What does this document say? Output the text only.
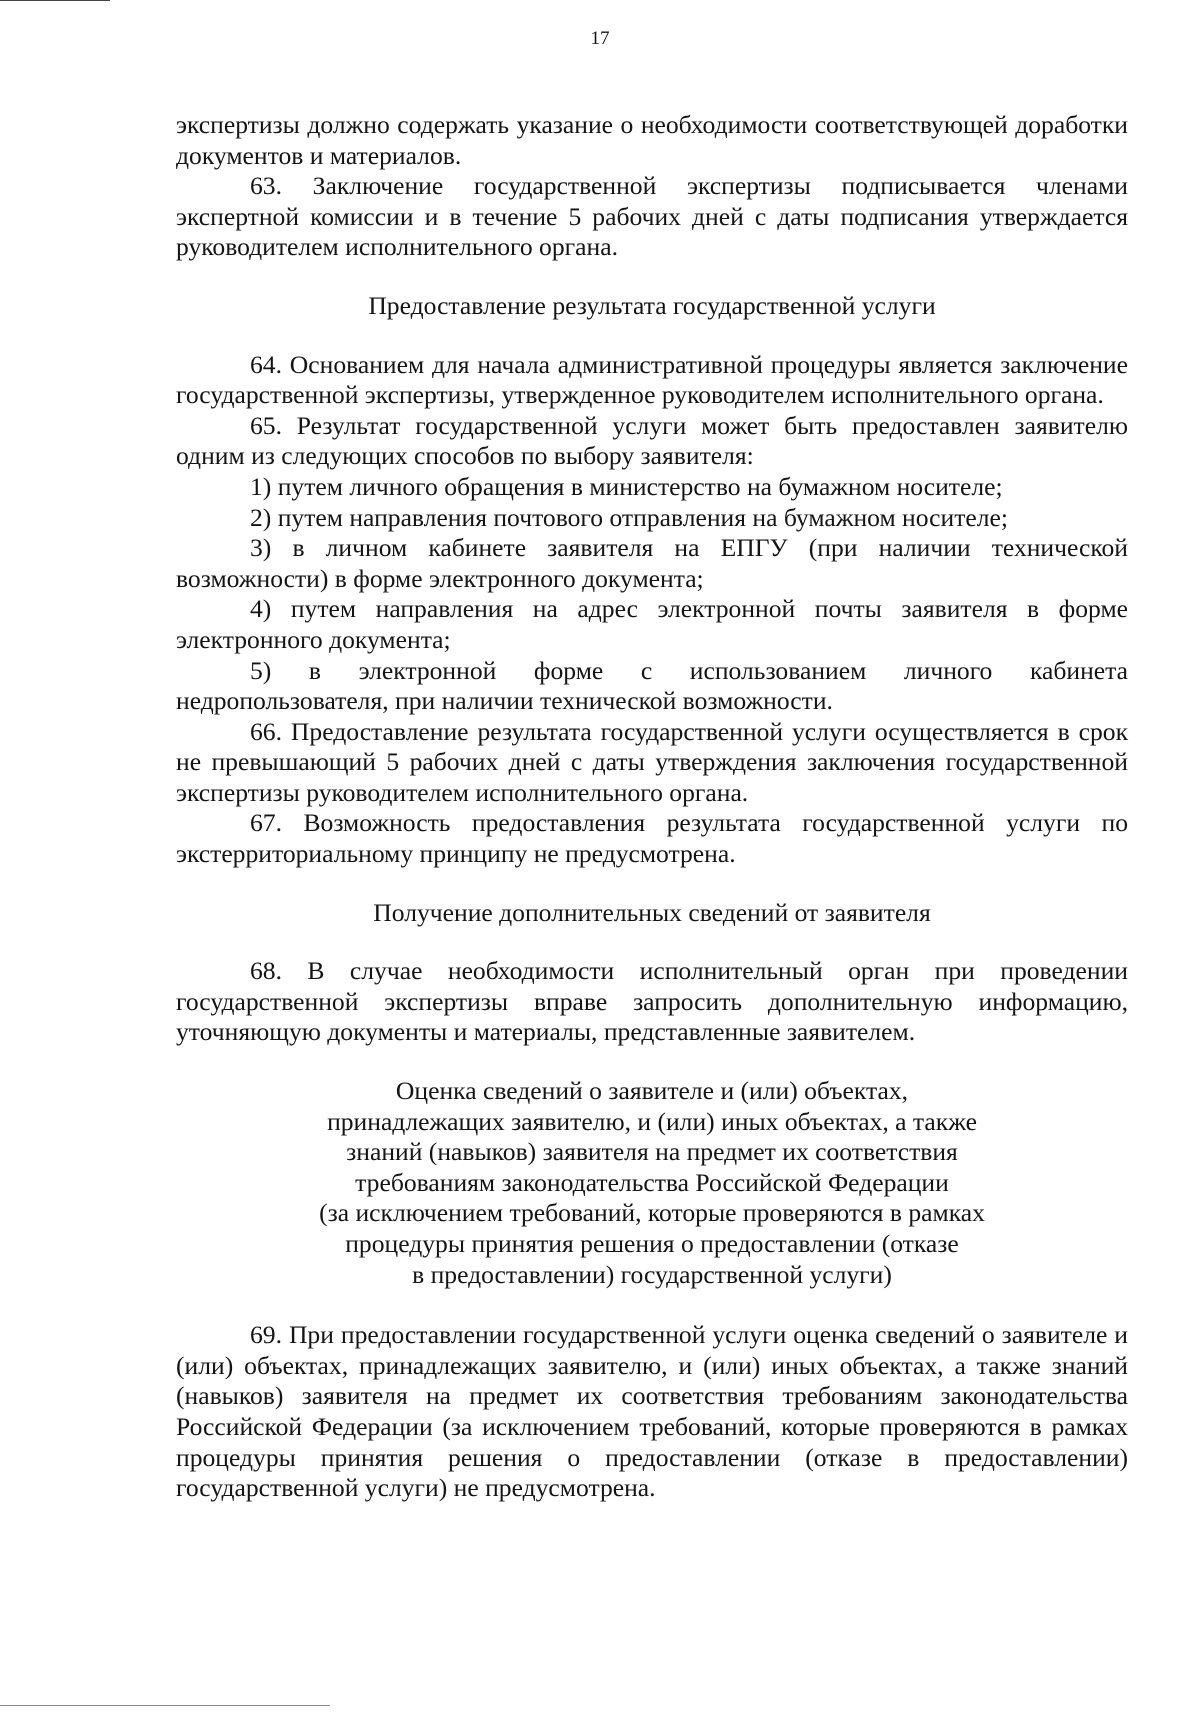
17

экспертизы должно содержать указание о необходимости соответствующей доработки документов и материалов.

63. Заключение государственной экспертизы подписывается членами экспертной комиссии и в течение 5 рабочих дней с даты подписания утверждается руководителем исполнительного органа.

Предоставление результата государственной услуги

64. Основанием для начала административной процедуры является заключение государственной экспертизы, утвержденное руководителем исполнительного органа.

65. Результат государственной услуги может быть предоставлен заявителю одним из следующих способов по выбору заявителя:

1) путем личного обращения в министерство на бумажном носителе;

2) путем направления почтового отправления на бумажном носителе;

3) в личном кабинете заявителя на ЕПГУ (при наличии технической возможности) в форме электронного документа;

4) путем направления на адрес электронной почты заявителя в форме электронного документа;

5) в электронной форме с использованием личного кабинета недропользователя, при наличии технической возможности.

66. Предоставление результата государственной услуги осуществляется в срок не превышающий 5 рабочих дней с даты утверждения заключения государственной экспертизы руководителем исполнительного органа.

67. Возможность предоставления результата государственной услуги по экстерриториальному принципу не предусмотрена.

Получение дополнительных сведений от заявителя

68. В случае необходимости исполнительный орган при проведении государственной экспертизы вправе запросить дополнительную информацию, уточняющую документы и материалы, представленные заявителем.

Оценка сведений о заявителе и (или) объектах,
принадлежащих заявителю, и (или) иных объектах, а также
знаний (навыков) заявителя на предмет их соответствия
требованиям законодательства Российской Федерации
(за исключением требований, которые проверяются в рамках
процедуры принятия решения о предоставлении (отказе
в предоставлении) государственной услуги)

69. При предоставлении государственной услуги оценка сведений о заявителе и (или) объектах, принадлежащих заявителю, и (или) иных объектах, а также знаний (навыков) заявителя на предмет их соответствия требованиям законодательства Российской Федерации (за исключением требований, которые проверяются в рамках процедуры принятия решения о предоставлении (отказе в предоставлении) государственной услуги) не предусмотрена.
